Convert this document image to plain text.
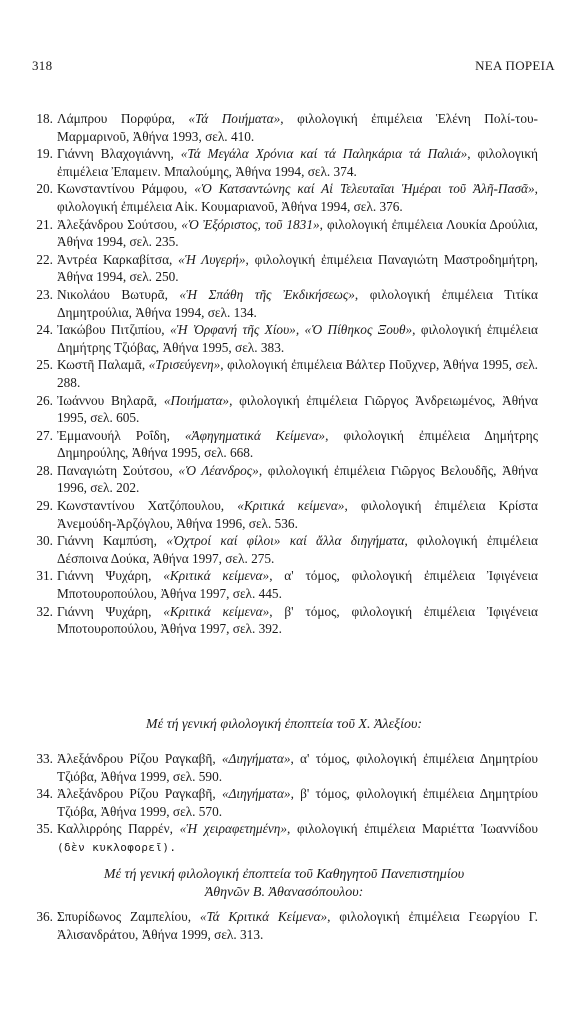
318	ΝΕΑ ΠΟΡΕΙΑ
18. Λάμπρου Πορφύρα, «Τά Ποιήματα», φιλολογική ἐπιμέλεια Ἑλένη Πολί-του-Μαρμαρινοῦ, Ἀθήνα 1993, σελ. 410.
19. Γιάννη Βλαχογιάννη, «Τά Μεγάλα Χρόνια καί τά Παληκάρια τά Παλιά», φιλολογική ἐπιμέλεια Ἐπαμειν. Μπαλούμης, Ἀθήνα 1994, σελ. 374.
20. Κωνσταντίνου Ράμφου, «Ὁ Κατσαντώνης καί Αἱ Τελευταῖαι Ἡμέραι τοῦ Ἀλῆ-Πασᾶ», φιλολογική ἐπιμέλεια Αἰκ. Κουμαριανοῦ, Ἀθήνα 1994, σελ. 376.
21. Ἀλεξάνδρου Σούτσου, «Ὁ Ἐξόριστος, τοῦ 1831», φιλολογική ἐπιμέλεια Λουκία Δρούλια, Ἀθήνα 1994, σελ. 235.
22. Ἀντρέα Καρκαβίτσα, «Ἡ Λυγερή», φιλολογική ἐπιμέλεια Παναγιώτη Μαστροδημήτρη, Ἀθήνα 1994, σελ. 250.
23. Νικολάου Βωτυρᾶ, «Ἡ Σπάθη τῆς Ἐκδικήσεως», φιλολογική ἐπιμέλεια Τιτίκα Δημητρούλια, Ἀθήνα 1994, σελ. 134.
24. Ἰακώβου Πιτζιπίου, «Ἡ Ὀρφανή τῆς Χίου», «Ὁ Πίθηκος Ξουθ», φιλολογική ἐπιμέλεια Δημήτρης Τζιόβας, Ἀθήνα 1995, σελ. 383.
25. Κωστῆ Παλαμᾶ, «Τρισεύγενη», φιλολογική ἐπιμέλεια Βάλτερ Ποῦχνερ, Ἀθήνα 1995, σελ. 288.
26. Ἰωάννου Βηλαρᾶ, «Ποιήματα», φιλολογική ἐπιμέλεια Γιῶργος Ἀνδρειωμένος, Ἀθήνα 1995, σελ. 605.
27. Ἐμμανουήλ Ροΐδη, «Ἀφηγηματικά Κείμενα», φιλολογική ἐπιμέλεια Δημήτρης Δημηρούλης, Ἀθήνα 1995, σελ. 668.
28. Παναγιώτη Σούτσου, «Ὁ Λέανδρος», φιλολογική ἐπιμέλεια Γιῶργος Βελουδῆς, Ἀθήνα 1996, σελ. 202.
29. Κωνσταντίνου Χατζόπουλου, «Κριτικά κείμενα», φιλολογική ἐπιμέλεια Κρίστα Ἀνεμούδη-Ἀρζόγλου, Ἀθήνα 1996, σελ. 536.
30. Γιάννη Καμπύση, «Ὀχτροί καί φίλοι» καί ἄλλα διηγήματα, φιλολογική ἐπιμέλεια Δέσποινα Δούκα, Ἀθήνα 1997, σελ. 275.
31. Γιάννη Ψυχάρη, «Κριτικά κείμενα», α' τόμος, φιλολογική ἐπιμέλεια Ἰφιγένεια Μποτουροπούλου, Ἀθήνα 1997, σελ. 445.
32. Γιάννη Ψυχάρη, «Κριτικά κείμενα», β' τόμος, φιλολογική ἐπιμέλεια Ἰφιγένεια Μποτουροπούλου, Ἀθήνα 1997, σελ. 392.
Μέ τή γενική φιλολογική ἐποπτεία τοῦ Χ. Ἀλεξίου:
33. Ἀλεξάνδρου Ρίζου Ραγκαβῆ, «Διηγήματα», α' τόμος, φιλολογική ἐπιμέλεια Δημητρίου Τζιόβα, Ἀθήνα 1999, σελ. 590.
34. Ἀλεξάνδρου Ρίζου Ραγκαβῆ, «Διηγήματα», β' τόμος, φιλολογική ἐπιμέλεια Δημητρίου Τζιόβα, Ἀθήνα 1999, σελ. 570.
35. Καλλιρρόης Παρρέν, «Ἡ χειραφετημένη», φιλολογική ἐπιμέλεια Μαριέττα Ἰωαννίδου (δὲν κυκλοφορεῖ).
Μέ τή γενική φιλολογική ἐποπτεία τοῦ Καθηγητοῦ Πανεπιστημίου
Ἀθηνῶν Β. Ἀθανασόπουλου:
36. Σπυρίδωνος Ζαμπελίου, «Τά Κριτικά Κείμενα», φιλολογική ἐπιμέλεια Γεωργίου Γ. Ἀλισανδράτου, Ἀθήνα 1999, σελ. 313.
